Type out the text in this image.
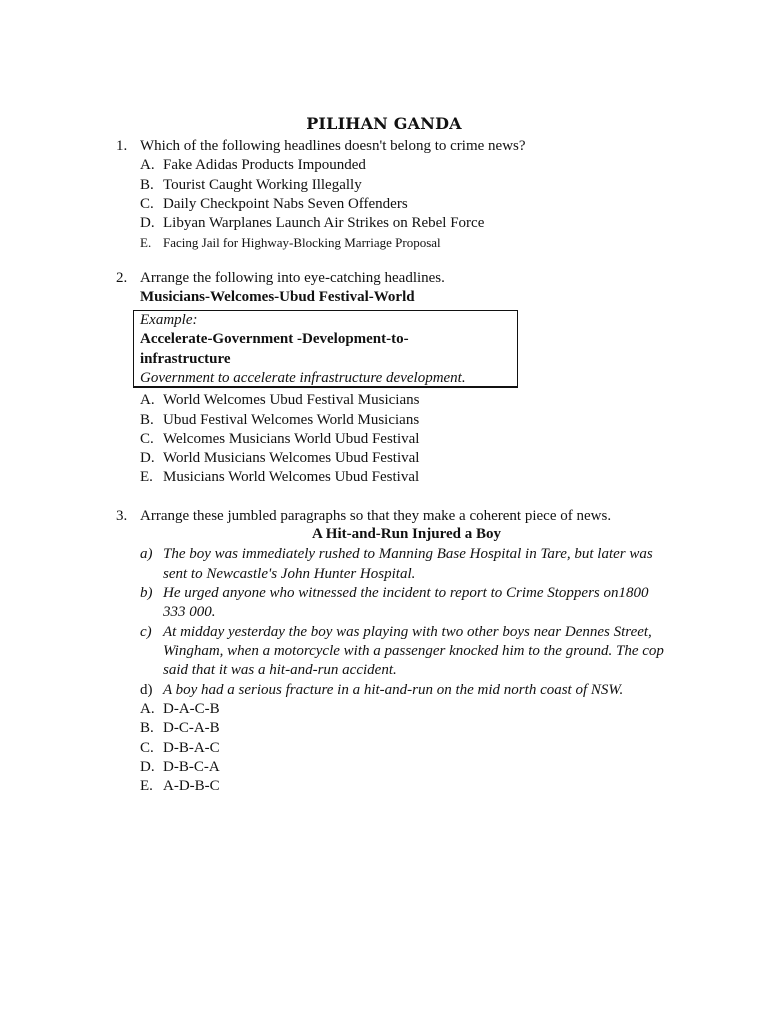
PILIHAN GANDA
1. Which of the following headlines doesn't belong to crime news?
A. Fake Adidas Products Impounded
B. Tourist Caught Working Illegally
C. Daily Checkpoint Nabs Seven Offenders
D. Libyan Warplanes Launch Air Strikes on Rebel Force
E. Facing Jail for Highway-Blocking Marriage Proposal
2. Arrange the following into eye-catching headlines.
Musicians-Welcomes-Ubud Festival-World
Example:
Accelerate-Government -Development-to-
infrastructure
Government to accelerate infrastructure development.
A. World Welcomes Ubud Festival Musicians
B. Ubud Festival Welcomes World Musicians
C. Welcomes Musicians World Ubud Festival
D. World Musicians Welcomes Ubud Festival
E. Musicians World Welcomes Ubud Festival
3. Arrange these jumbled paragraphs so that they make a coherent piece of news.
A Hit-and-Run Injured a Boy
a) The boy was immediately rushed to Manning Base Hospital in Tare, but later was
sent to Newcastle's John Hunter Hospital.
b) He urged anyone who witnessed the incident to report to Crime Stoppers on1800
333 000.
c) At midday yesterday the boy was playing with two other boys near Dennes Street,
Wingham, when a motorcycle with a passenger knocked him to the ground. The cop
said that it was a hit-and-run accident.
d) A boy had a serious fracture in a hit-and-run on the mid north coast of NSW.
A. D-A-C-B
B. D-C-A-B
C. D-B-A-C
D. D-B-C-A
E. A-D-B-C
